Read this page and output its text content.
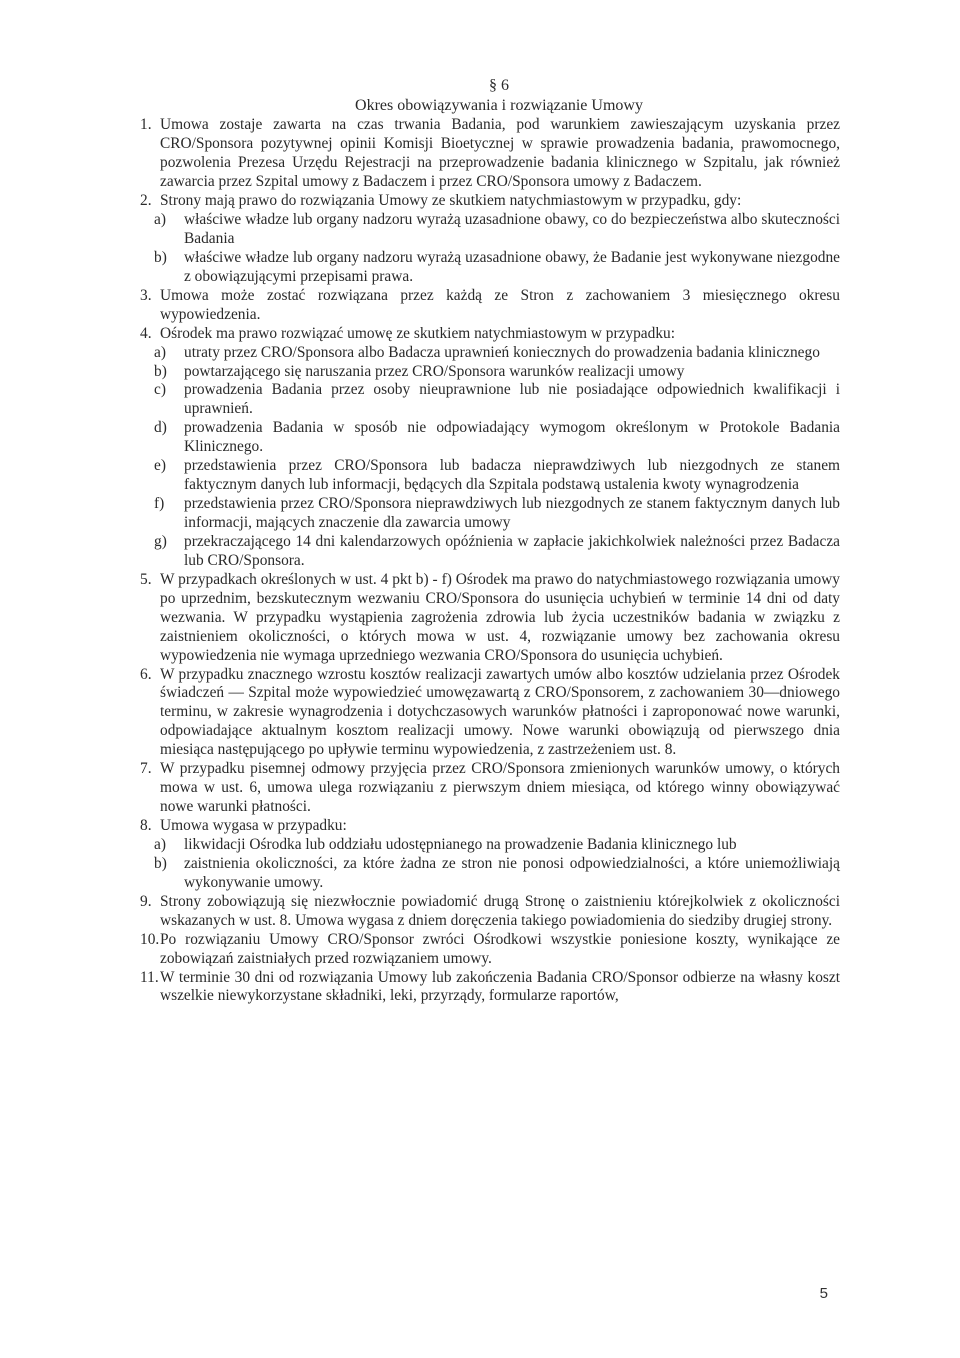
§ 6
Okres obowiązywania i rozwiązanie Umowy
1. Umowa zostaje zawarta na czas trwania Badania, pod warunkiem zawieszającym uzyskania przez CRO/Sponsora pozytywnej opinii Komisji Bioetycznej w sprawie prowadzenia badania, prawomocnego, pozwolenia Prezesa Urzędu Rejestracji na przeprowadzenie badania klinicznego w Szpitalu, jak również zawarcia przez Szpital umowy z Badaczem i przez CRO/Sponsora umowy z Badaczem.
2. Strony mają prawo do rozwiązania Umowy ze skutkiem natychmiastowym w przypadku, gdy:
a)	właściwe władze lub organy nadzoru wyrażą uzasadnione obawy, co do bezpieczeństwa albo skuteczności Badania
b)	właściwe władze lub organy nadzoru wyrażą uzasadnione obawy, że Badanie jest wykonywane niezgodne z obowiązującymi przepisami prawa.
3. Umowa może zostać rozwiązana przez każdą ze Stron z zachowaniem 3 miesięcznego okresu wypowiedzenia.
4. Ośrodek ma prawo rozwiązać umowę ze skutkiem natychmiastowym w przypadku:
a)	utraty przez CRO/Sponsora albo Badacza uprawnień koniecznych do prowadzenia badania klinicznego
b)	powtarzającego się naruszania przez CRO/Sponsora warunków realizacji umowy
c)	prowadzenia Badania przez osoby nieuprawnione lub nie posiadające odpowiednich kwalifikacji i uprawnień.
d)	prowadzenia Badania w sposób nie odpowiadający wymogom określonym w Protokole Badania Klinicznego.
e)	przedstawienia przez CRO/Sponsora lub badacza nieprawdziwych lub niezgodnych ze stanem faktycznym danych lub informacji, będących dla Szpitala podstawą ustalenia kwoty wynagrodzenia
f)	przedstawienia przez CRO/Sponsora nieprawdziwych lub niezgodnych ze stanem faktycznym danych lub informacji, mających znaczenie dla zawarcia umowy
g)	przekraczającego 14 dni kalendarzowych opóźnienia w zapłacie jakichkolwiek należności przez Badacza lub CRO/Sponsora.
5. W przypadkach określonych w ust. 4 pkt b) - f) Ośrodek ma prawo do natychmiastowego rozwiązania umowy po uprzednim, bezskutecznym wezwaniu CRO/Sponsora do usunięcia uchybień w terminie 14 dni od daty wezwania. W przypadku wystąpienia zagrożenia zdrowia lub życia uczestników badania w związku z zaistnieniem okoliczności, o których mowa w ust. 4, rozwiązanie umowy bez zachowania okresu wypowiedzenia nie wymaga uprzedniego wezwania CRO/Sponsora do usunięcia uchybień.
6. W przypadku znacznego wzrostu kosztów realizacji zawartych umów albo kosztów udzielania przez Ośrodek świadczeń — Szpital może wypowiedzieć umowęzawartą z CRO/Sponsorem, z zachowaniem 30—dniowego terminu, w zakresie wynagrodzenia i dotychczasowych warunków płatności i zaproponować nowe warunki, odpowiadające aktualnym kosztom realizacji umowy. Nowe warunki obowiązują od pierwszego dnia miesiąca następującego po upływie terminu wypowiedzenia, z zastrzeżeniem ust. 8.
7. W przypadku pisemnej odmowy przyjęcia przez CRO/Sponsora zmienionych warunków umowy, o których mowa w ust. 6, umowa ulega rozwiązaniu z pierwszym dniem miesiąca, od którego winny obowiązywać nowe warunki płatności.
8. Umowa wygasa w przypadku:
a)	likwidacji Ośrodka lub oddziału udostępnianego na prowadzenie Badania klinicznego lub
b)	zaistnienia okoliczności, za które żadna ze stron nie ponosi odpowiedzialności, a które uniemożliwiają wykonywanie umowy.
9. Strony zobowiązują się niezwłocznie powiadomić drugą Stronę o zaistnieniu którejkolwiek z okoliczności wskazanych w ust. 8. Umowa wygasa z dniem doręczenia takiego powiadomienia do siedziby drugiej strony.
10. Po rozwiązaniu Umowy CRO/Sponsor zwróci Ośrodkowi wszystkie poniesione koszty, wynikające ze zobowiązań zaistniałych przed rozwiązaniem umowy.
11. W terminie 30 dni od rozwiązania Umowy lub zakończenia Badania CRO/Sponsor odbierze na własny koszt wszelkie niewykorzystane składniki, leki, przyrządy, formularze raportów,
5
